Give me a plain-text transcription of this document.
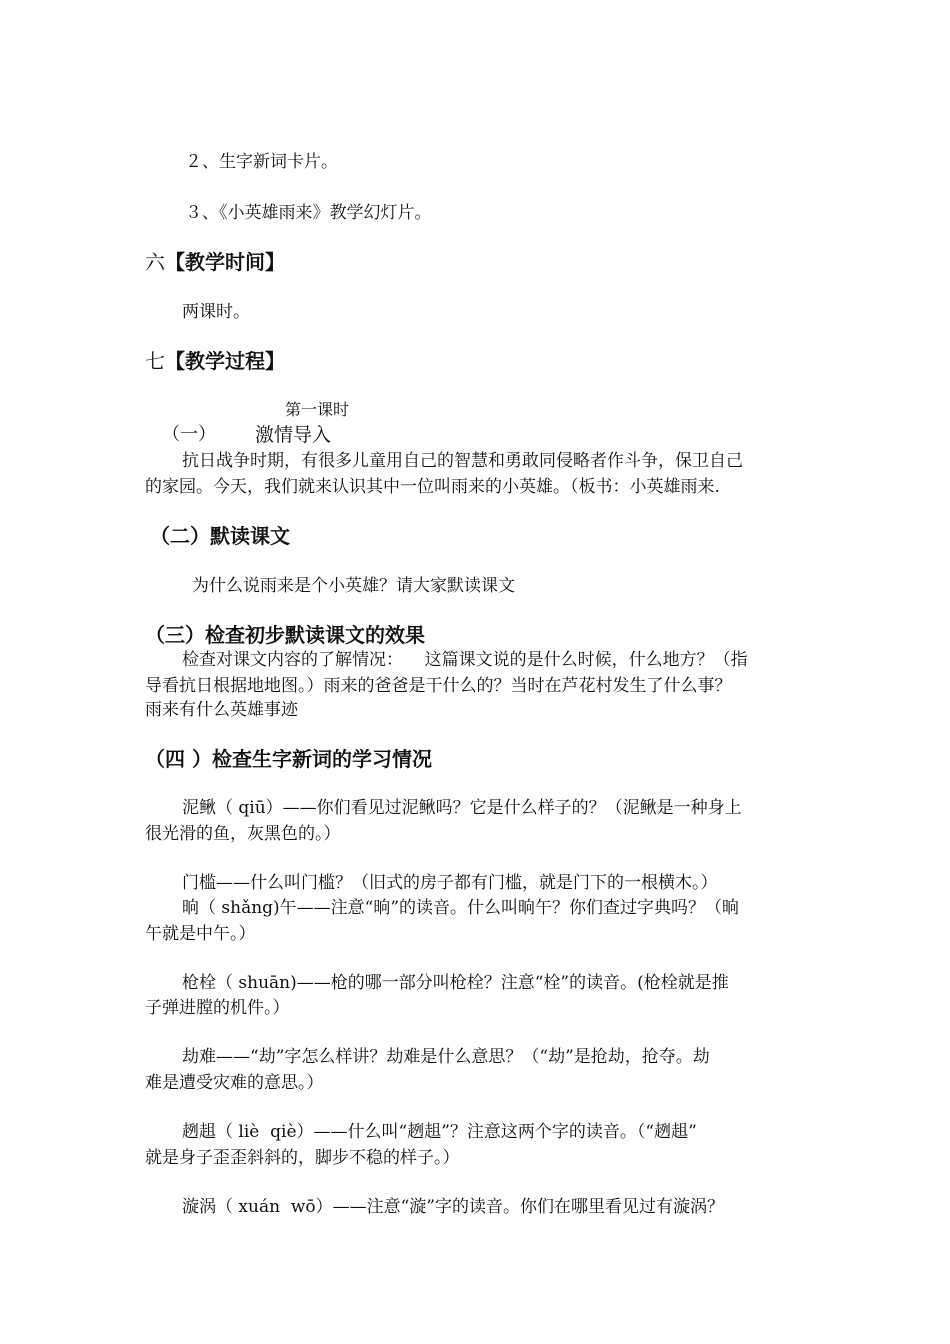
２、生字新词卡片。
３、《小英雄雨来》教学幻灯片。
六【教学时间】
两课时。
七【教学过程】
第一课时
（一） 激情导入
抗日战争时期，有很多儿童用自己的智慧和勇敢同侵略者作斗争，保卫自己
的家园。今天，我们就来认识其中一位叫雨来的小英雄。（板书：小英雄雨来.
（二）默读课文
为什么说雨来是个小英雄？请大家默读课文
（三）检查初步默读课文的效果
检查对课文内容的了解情况：    这篇课文说的是什么时候，什么地方？（指
导看抗日根据地地图。）雨来的爸爸是干什么的？当时在芦花村发生了什么事？
雨来有什么英雄事迹
（四 ）检查生字新词的学习情况
泥鳅（ qiū）——你们看见过泥鳅吗？它是什么样子的？（泥鳅是一种身上
很光滑的鱼，灰黑色的。）
门槛——什么叫门槛？（旧式的房子都有门槛，就是门下的一根横木。）
晌（ shǎng)午——注意“晌”的读音。什么叫晌午？你们查过字典吗？（晌
午就是中午。）
枪栓（ shuān)——枪的哪一部分叫枪栓？注意“栓”的读音。(枪栓就是推
子弹进膛的机件。）
劫难——“劫”字怎么样讲？劫难是什么意思？（“劫”是抢劫，抢夺。劫
难是遭受灾难的意思。）
趔趄（ liè  qiè）——什么叫“趔趄”？注意这两个字的读音。（“趔趄”
就是身子歪歪斜斜的，脚步不稳的样子。）
漩涡（ xuán  wō）——注意“漩”字的读音。你们在哪里看见过有漩涡？
